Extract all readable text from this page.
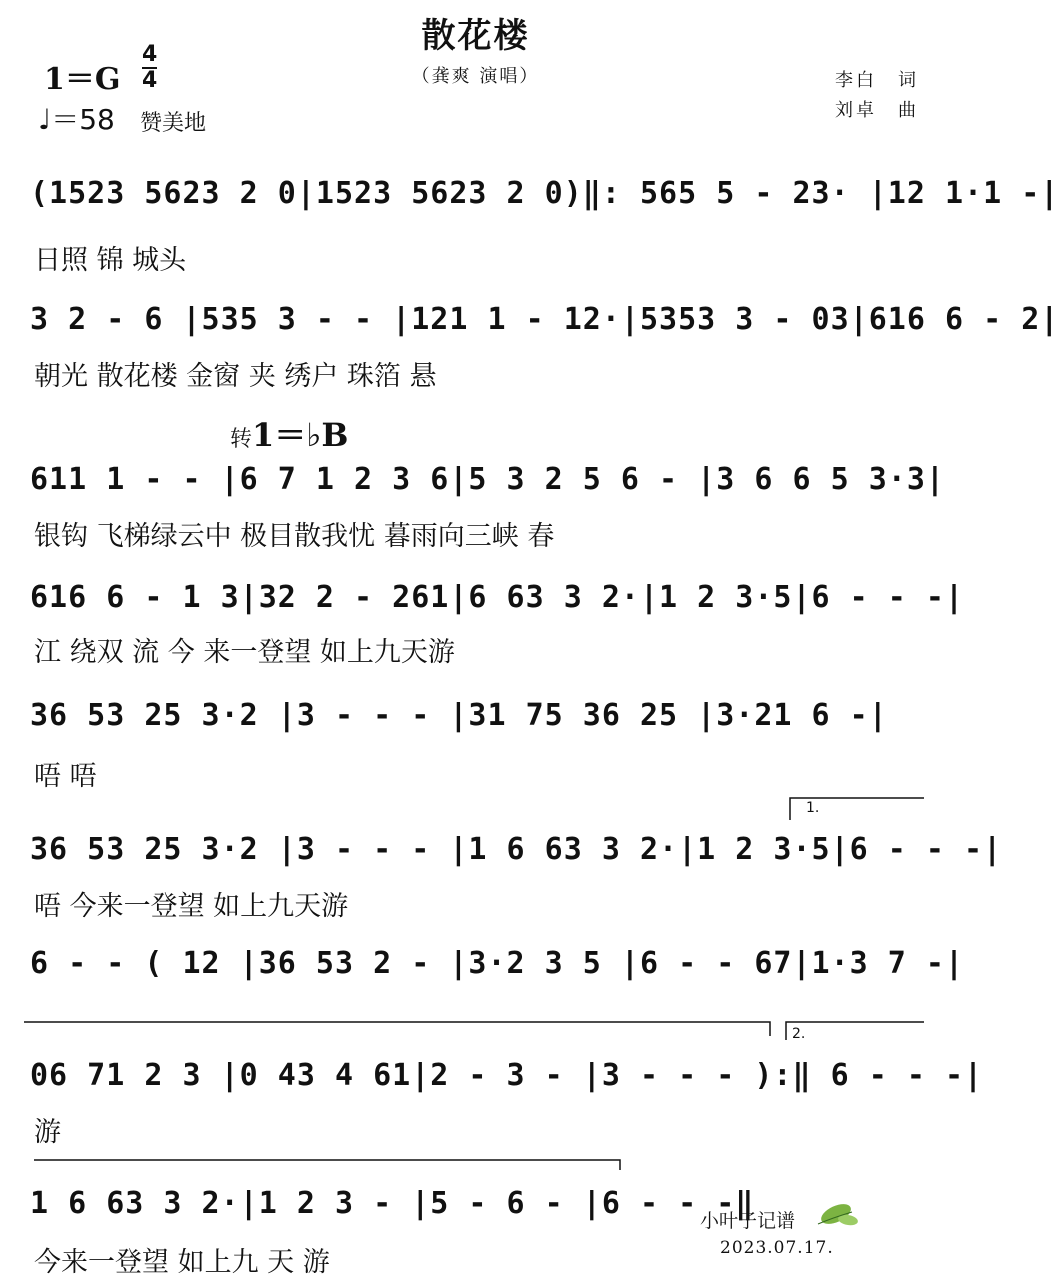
散花楼
（龚爽 演唱）
1＝G
4
4
♩＝58 赞美地
李白　词
刘卓　曲
转1＝♭B
(1523 5623 2 0|1523 5623 2 0)‖: 565 5 - 23· |12 1·1 -|
日照 锦 城头
3 2 - 6 |535 3 - - |121 1 - 12·|5353 3 - 03|616 6 - 2|
朝光 散花楼 金窗 夹 绣户 珠箔 悬
611 1 - - |6 7 1 2 3 6|5 3 2 5 6 - |3 6 6 5 3·3|
银钩 飞梯绿云中 极目散我忧 暮雨向三峡 春
616 6 - 1 3|32 2 - 261|6 63 3 2·|1 2 3·5|6 - - -|
江 绕双 流 今 来一登望 如上九天游
36 53 25 3·2 |3 - - - |31 75 36 25 |3·21 6 -|
唔 唔
36 53 25 3·2 |3 - - - |1 6 63 3 2·|1 2 3·5|6 - - -|
唔 今来一登望 如上九天游
6 - - ( 12 |36 53 2 - |3·2 3 5 |6 - - 67|1·3 7 -|
06 71 2 3 |0 43 4 61|2 - 3 - |3 - - - ):‖ 6 - - -|
游
1 6 63 3 2·|1 2 3 - |5 - 6 - |6 - - -‖
今来一登望 如上九 天 游
1.
2.
小叶子记谱
2023.07.17.
